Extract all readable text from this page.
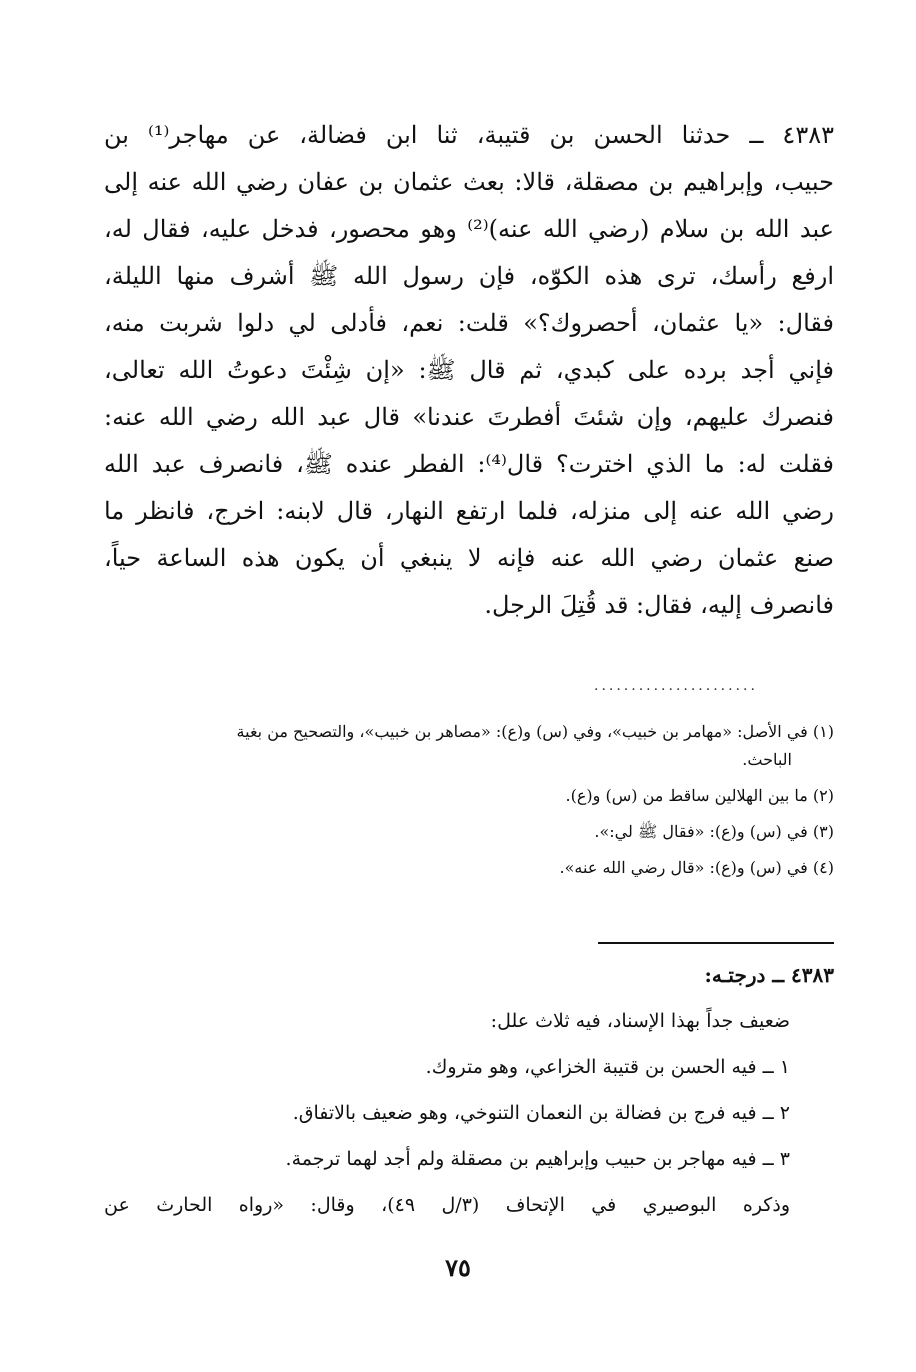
٤٣٨٣ ــ حدثنا الحسن بن قتيبة، ثنا ابن فضالة، عن مهاجر⁽¹⁾ بن
حبيب، وإبراهيم بن مصقلة، قالا: بعث عثمان بن عفان رضي الله عنه إلى
عبد الله بن سلام (رضي الله عنه)⁽²⁾ وهو محصور، فدخل عليه، فقال له،
ارفع رأسك، ترى هذه الكوّه، فإن رسول الله ﷺ أشرف منها الليلة،
فقال: «يا عثمان، أحصروك؟» قلت: نعم، فأدلى لي دلوا شربت منه،
فإني أجد برده على كبدي، ثم قال ﷺ: «إن شِئْتَ دعوتُ الله تعالى،
فنصرك عليهم، وإن شئتَ أفطرتَ عندنا» قال عبد الله رضي الله عنه:
فقلت له: ما الذي اخترت؟ قال⁽⁴⁾: الفطر عنده ﷺ، فانصرف عبد الله
رضي الله عنه إلى منزله، فلما ارتفع النهار، قال لابنه: اخرج، فانظر ما
صنع عثمان رضي الله عنه فإنه لا ينبغي أن يكون هذه الساعة حياً،
فانصرف إليه، فقال: قد قُتِلَ الرجل.
......................
(١) في الأصل: «مهامر بن خبيب»، وفي (س) و(ع): «مصاهر بن خبيب»، والتصحيح من بغية
الباحث.
(٢) ما بين الهلالين ساقط من (س) و(ع).
(٣) في (س) و(ع): «فقال ﷺ لي:».
(٤) في (س) و(ع): «قال رضي الله عنه».
٤٣٨٣ ــ درجتـه:
ضعيف جداً بهذا الإسناد، فيه ثلاث علل:
١ ــ فيه الحسن بن قتيبة الخزاعي، وهو متروك.
٢ ــ فيه فرج بن فضالة بن النعمان التنوخي، وهو ضعيف بالاتفاق.
٣ ــ فيه مهاجر بن حبيب وإبراهيم بن مصقلة ولم أجد لهما ترجمة.
وذكره البوصيري في الإتحاف (٣/ل ٤٩)، وقال: «رواه الحارث عن
٧٥
